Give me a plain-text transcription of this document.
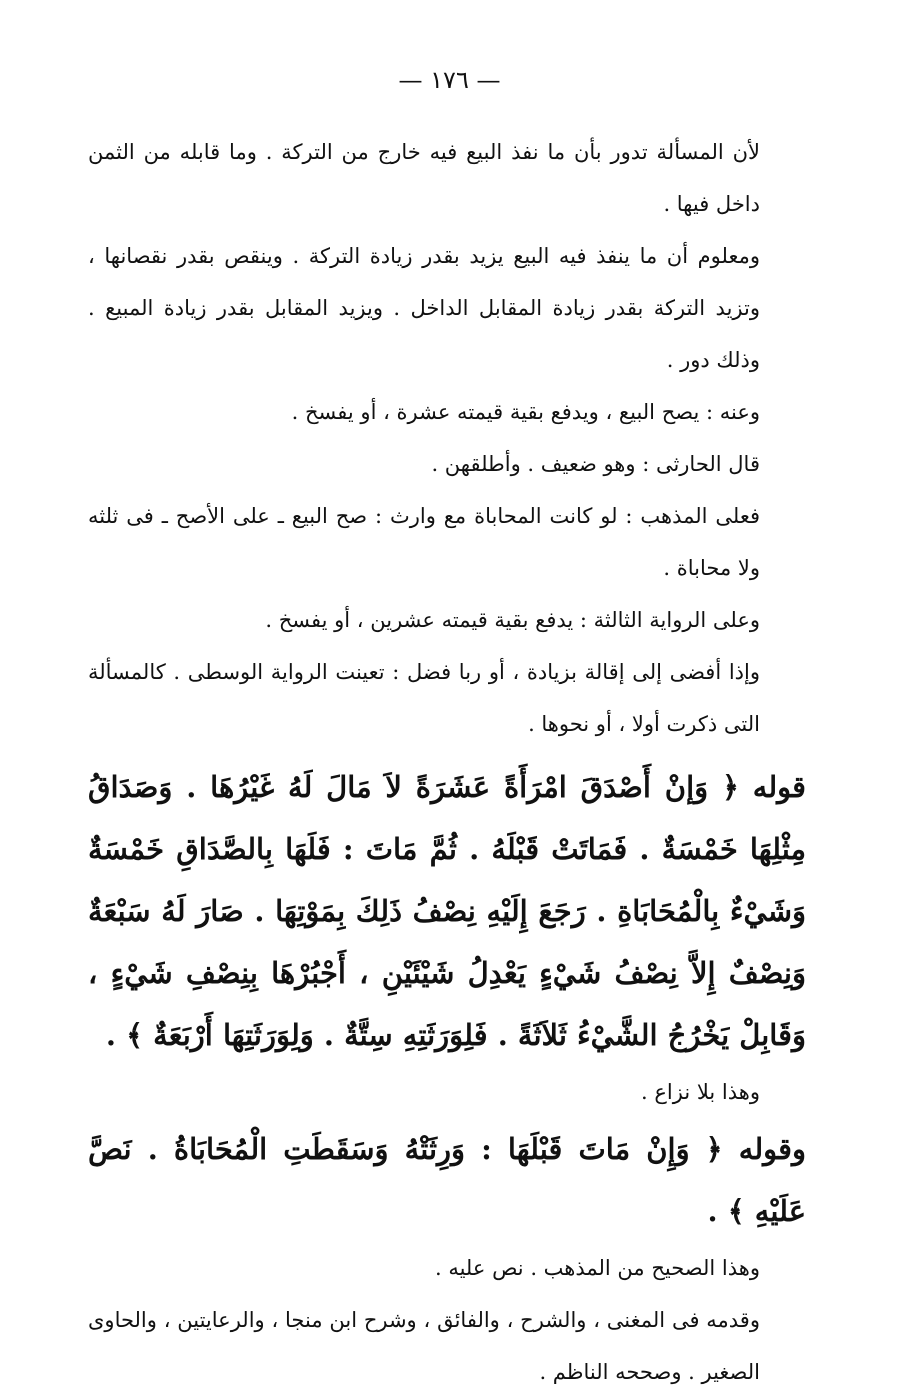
— ١٧٦ —

لأن المسألة تدور بأن ما نفذ البيع فيه خارج من التركة . وما قابله من الثمن داخل فيها .

ومعلوم أن ما ينفذ فيه البيع يزيد بقدر زيادة التركة . وينقص بقدر نقصانها ، وتزيد التركة بقدر زيادة المقابل الداخل . ويزيد المقابل بقدر زيادة المبيع . وذلك دور .

وعنه : يصح البيع ، ويدفع بقية قيمته عشرة ، أو يفسخ .

قال الحارثى : وهو ضعيف . وأطلقهن .

فعلى المذهب : لو كانت المحاباة مع وارث : صح البيع ـ على الأصح ـ فى ثلثه ولا محاباة .

وعلى الرواية الثالثة : يدفع بقية قيمته عشرين ، أو يفسخ .

وإذا أفضى إلى إقالة بزيادة ، أو ربا فضل : تعينت الرواية الوسطى . كالمسألة التى ذكرت أولا ، أو نحوها .

قوله ﴿ وَإنْ أَصْدَقَ امْرَأَةً عَشَرَةً لاَ مَالَ لَهُ غَيْرُهَا . وَصَدَاقُ مِثْلِهَا خَمْسَةٌ . فَمَاتَتْ قَبْلَهُ . ثُمَّ مَاتَ : فَلَهَا بِالصَّدَاقِ خَمْسَةٌ وَشَيْءٌ بِالْمُحَابَاةِ . رَجَعَ إِلَيْهِ نِصْفُ ذَلِكَ بِمَوْتِهَا . صَارَ لَهُ سَبْعَةٌ وَنِصْفٌ إِلاَّ نِصْفُ شَيْءٍ يَعْدِلُ شَيْئَيْنِ ، أَجْبُرْهَا بِنِصْفِ شَيْءٍ ، وَقَابِلْ يَخْرُجُ الشَّيْءُ ثَلاَثَةً . فَلِوَرَثَتِهِ سِتَّةٌ . وَلِوَرَثَتِهَا أَرْبَعَةٌ ﴾ .

وهذا بلا نزاع .

وقوله ﴿ وَإِنْ مَاتَ قَبْلَهَا : وَرِثَتْهُ وَسَقَطَتِ الْمُحَابَاةُ . نَصَّ عَلَيْهِ ﴾ .

وهذا الصحيح من المذهب . نص عليه .

وقدمه فى المغنى ، والشرح ، والفائق ، وشرح ابن منجا ، والرعايتين ، والحاوى الصغير . وصححه الناظم .
